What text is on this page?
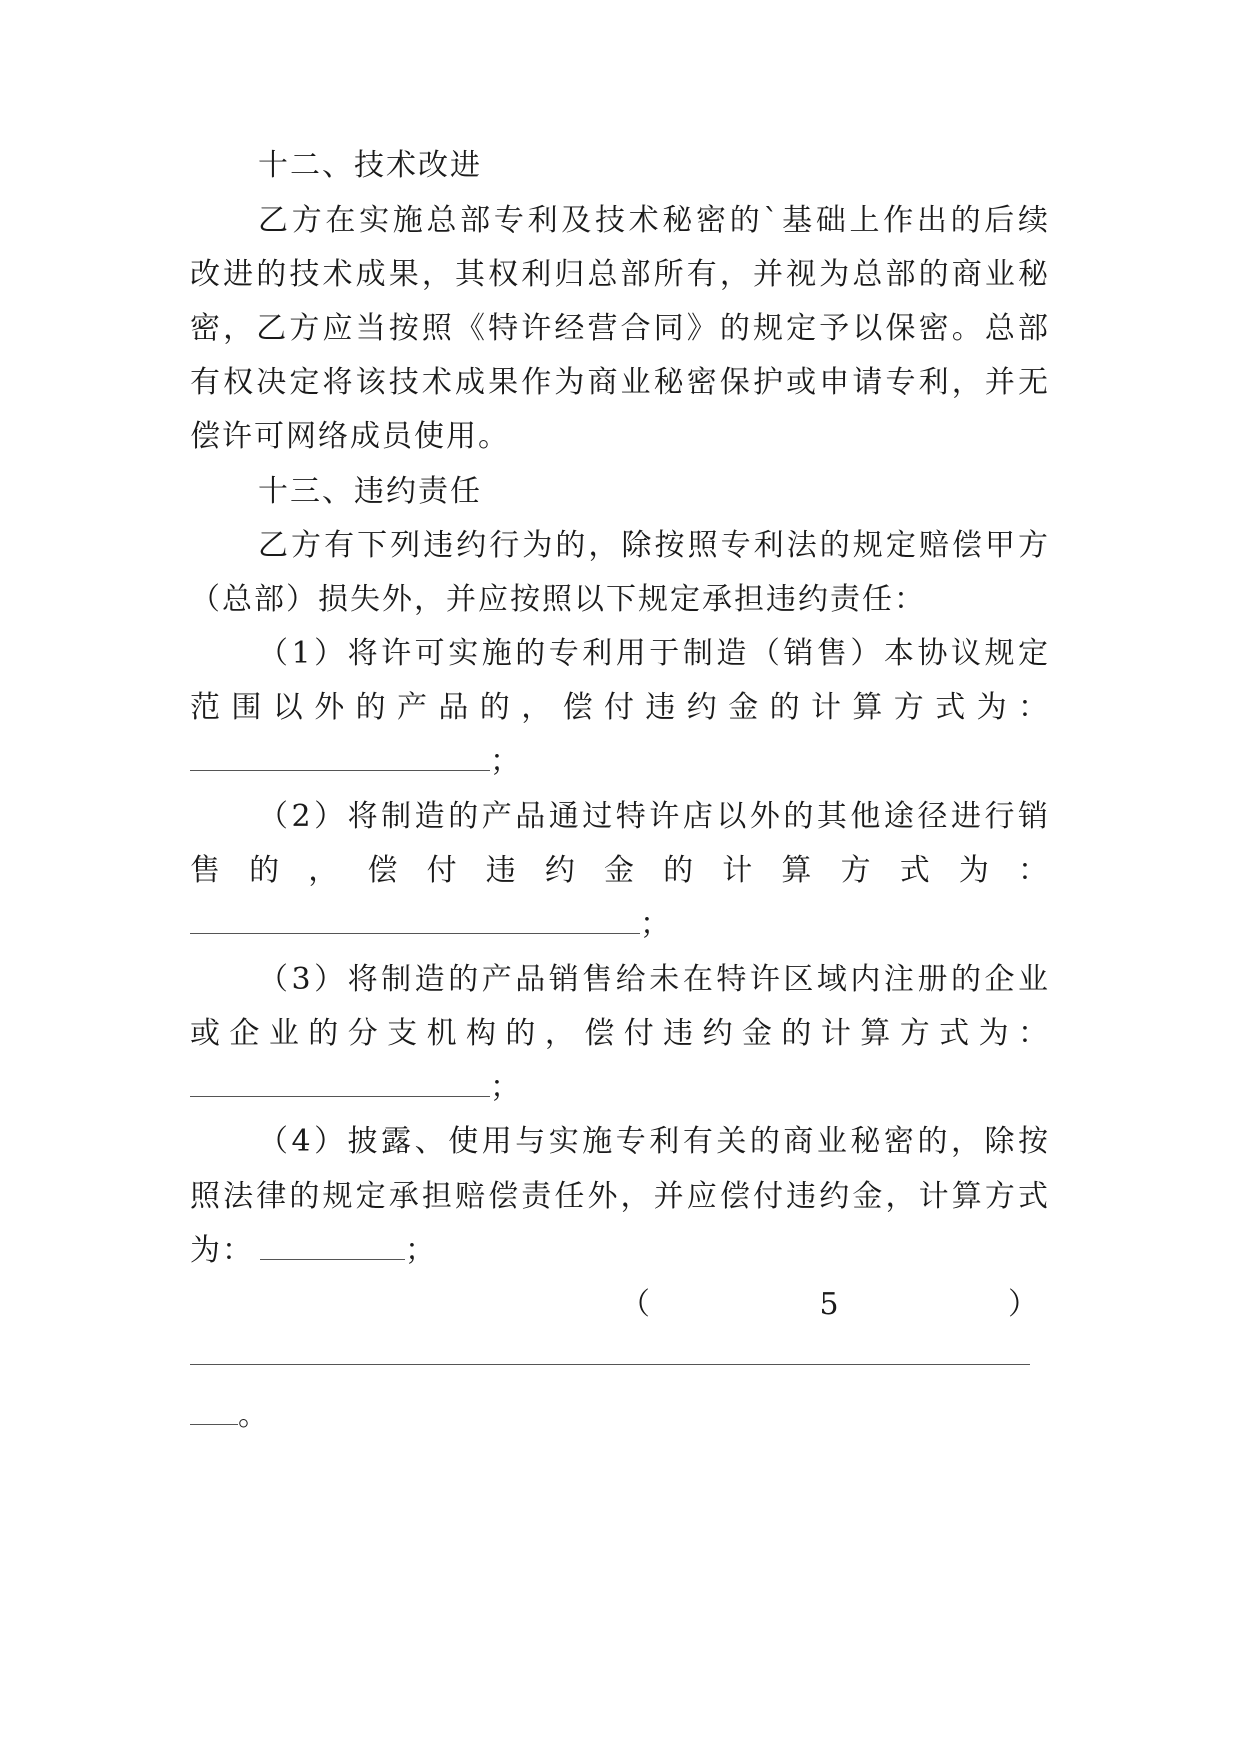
十二、技术改进
乙方在实施总部专利及技术秘密的`基础上作出的后续
改进的技术成果，其权利归总部所有，并视为总部的商业秘
密，乙方应当按照《特许经营合同》的规定予以保密。总部
有权决定将该技术成果作为商业秘密保护或申请专利，并无
偿许可网络成员使用。
十三、违约责任
乙方有下列违约行为的，除按照专利法的规定赔偿甲方
（总部）损失外，并应按照以下规定承担违约责任：
（1）将许可实施的专利用于制造（销售）本协议规定
范围以外的产品的，偿付违约金的计算方式为：
；
（2）将制造的产品通过特许店以外的其他途径进行销
售的，偿付违约金的计算方式为：
；
（3）将制造的产品销售给未在特许区域内注册的企业
或企业的分支机构的，偿付违约金的计算方式为：
；
（4）披露、使用与实施专利有关的商业秘密的，除按
照法律的规定承担赔偿责任外，并应偿付违约金，计算方式
为：	；
（5）
。
